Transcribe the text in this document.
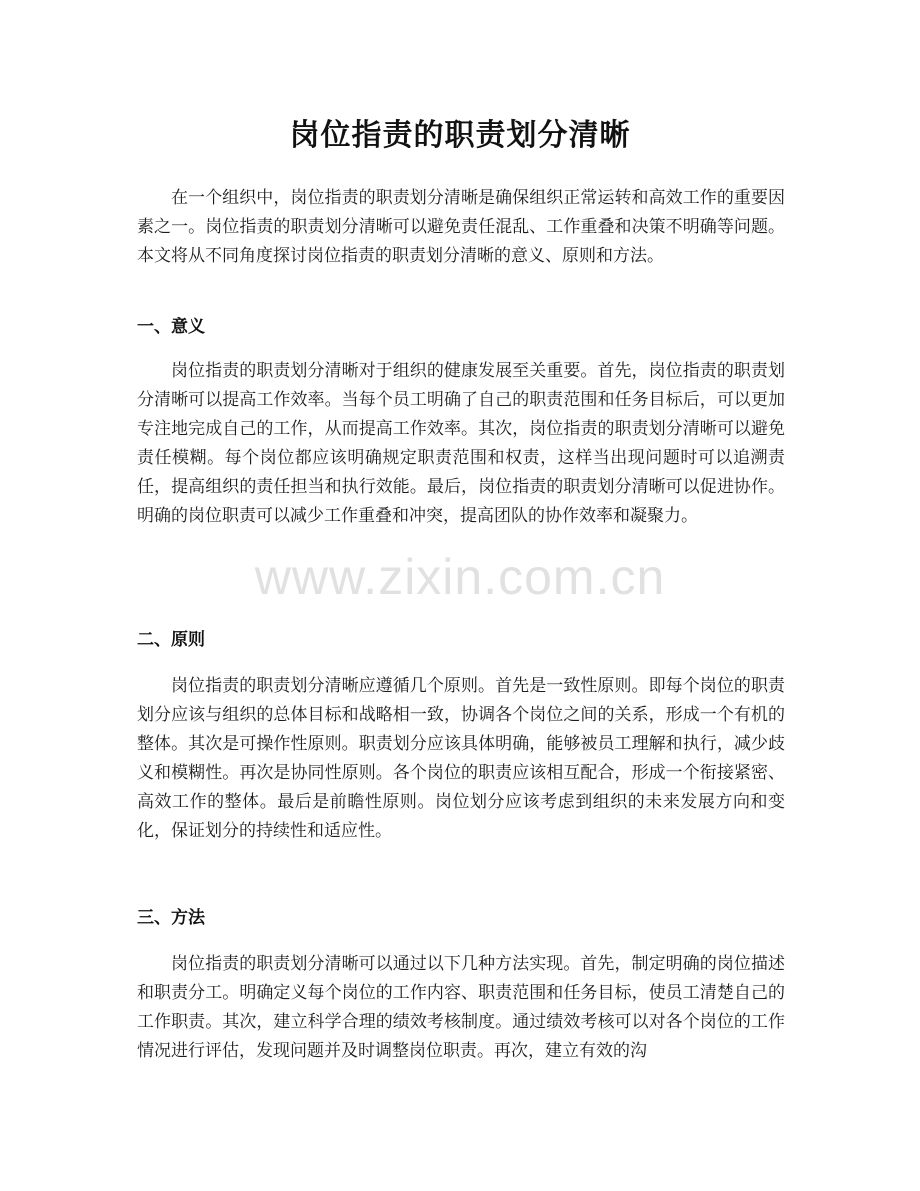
岗位指责的职责划分清晰

在一个组织中，岗位指责的职责划分清晰是确保组织正常运转和高效工作的重要因素之一。岗位指责的职责划分清晰可以避免责任混乱、工作重叠和决策不明确等问题。本文将从不同角度探讨岗位指责的职责划分清晰的意义、原则和方法。

一、意义

岗位指责的职责划分清晰对于组织的健康发展至关重要。首先，岗位指责的职责划分清晰可以提高工作效率。当每个员工明确了自己的职责范围和任务目标后，可以更加专注地完成自己的工作，从而提高工作效率。其次，岗位指责的职责划分清晰可以避免责任模糊。每个岗位都应该明确规定职责范围和权责，这样当出现问题时可以追溯责任，提高组织的责任担当和执行效能。最后，岗位指责的职责划分清晰可以促进协作。明确的岗位职责可以减少工作重叠和冲突，提高团队的协作效率和凝聚力。

二、原则

岗位指责的职责划分清晰应遵循几个原则。首先是一致性原则。即每个岗位的职责划分应该与组织的总体目标和战略相一致，协调各个岗位之间的关系，形成一个有机的整体。其次是可操作性原则。职责划分应该具体明确，能够被员工理解和执行，减少歧义和模糊性。再次是协同性原则。各个岗位的职责应该相互配合，形成一个衔接紧密、高效工作的整体。最后是前瞻性原则。岗位划分应该考虑到组织的未来发展方向和变化，保证划分的持续性和适应性。

三、方法

岗位指责的职责划分清晰可以通过以下几种方法实现。首先，制定明确的岗位描述和职责分工。明确定义每个岗位的工作内容、职责范围和任务目标，使员工清楚自己的工作职责。其次，建立科学合理的绩效考核制度。通过绩效考核可以对各个岗位的工作情况进行评估，发现问题并及时调整岗位职责。再次，建立有效的沟

www.zixin.com.cn
